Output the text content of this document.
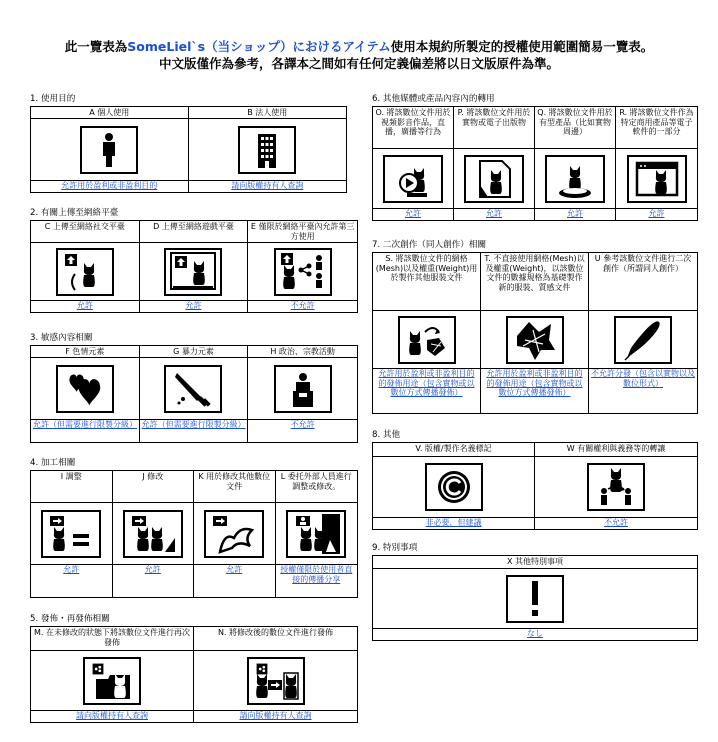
此一覽表為SomeLiel`s（当ショップ）におけるアイテム使用本規約所製定的授權使用範圍簡易一覽表。
中文版僅作為參考，各譯本之間如有任何定義偏差將以日文版原件為準。
1. 使用目的
A 個人使用
允許用於盈利或非盈利目的
B 法人使用
請向版權持有人查詢
2. 有關上傳至網絡平臺
C 上傳至網絡社交平臺
允許
D 上傳至網絡遊戲平臺
允許
E 僅限於網絡平臺內允許第三方使用
不允許
3. 敏感內容相關
F 色情元素
允許（但需要進行限製分級）
G 暴力元素
允許（但需要進行限製分級）
H 政治、宗教活動
不允許
4. 加工相關
I 調整
允許
J 修改
允許
K 用於修改其他數位文件
允許
L 委托外部人員進行調整或修改。
授權僅限於使用者直接的傳播分享
5. 發佈・再發佈相關
M. 在未修改的狀態下將該數位文件進行再次發佈
請向版權持有人查詢
N. 將修改後的數位文件進行發佈
請向版權持有人查詢
6. 其他媒體或產品內容內的轉用
O. 將該數位文件用於視頻影音作品，直播，廣播等行為
允許
P. 將該數位文件用於實物或電子出版物
允許
Q. 將該數位文件用於有型產品（比如實物周邊）
允許
R. 將該數位文件作為特定商用產品等電子軟件的一部分
允許
7. 二次創作（同人創作）相關
S. 將該數位文件的網格(Mesh)以及權重(Weight)用於製作其他服裝文件
允許用於盈利或非盈利目的的發佈用途（包含實物或以數位方式傳播發佈）
T. 不直接使用網格(Mesh)以及權重(Weight)，以該數位文件的數據規格為基礎製作新的服裝、質感文件
允許用於盈利或非盈利目的的發佈用途（包含實物或以數位方式傳播發佈）
U 參考該數位文件進行二次創作（所謂同人創作）
不允許分發（包含以實物以及數位形式）
8. 其他
V. 版權/製作名義標記
非必要，但建議
W 有關權利與義務等的轉讓
不允許
9. 特別事項
X 其他特別事項
なし
